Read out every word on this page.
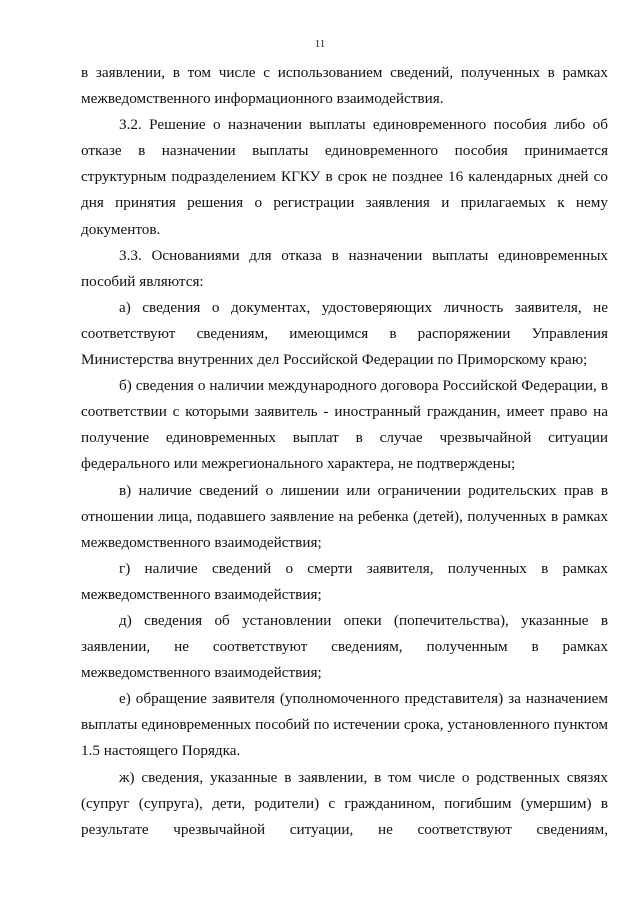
11

в заявлении, в том числе с использованием сведений, полученных в рамках межведомственного информационного взаимодействия.

3.2. Решение о назначении выплаты единовременного пособия либо об отказе в назначении выплаты единовременного пособия принимается структурным подразделением КГКУ в срок не позднее 16 календарных дней со дня принятия решения о регистрации заявления и прилагаемых к нему документов.

3.3. Основаниями для отказа в назначении выплаты единовременных пособий являются:

а) сведения о документах, удостоверяющих личность заявителя, не соответствуют сведениям, имеющимся в распоряжении Управления Министерства внутренних дел Российской Федерации по Приморскому краю;

б) сведения о наличии международного договора Российской Федерации, в соответствии с которыми заявитель - иностранный гражданин, имеет право на получение единовременных выплат в случае чрезвычайной ситуации федерального или межрегионального характера, не подтверждены;

в) наличие сведений о лишении или ограничении родительских прав в отношении лица, подавшего заявление на ребенка (детей), полученных в рамках межведомственного взаимодействия;

г) наличие сведений о смерти заявителя, полученных в рамках межведомственного взаимодействия;

д) сведения об установлении опеки (попечительства), указанные в заявлении, не соответствуют сведениям, полученным в рамках межведомственного взаимодействия;

е) обращение заявителя (уполномоченного представителя) за назначением выплаты единовременных пособий по истечении срока, установленного пунктом 1.5 настоящего Порядка.

ж) сведения, указанные в заявлении, в том числе о родственных связях (супруг (супруга), дети, родители) с гражданином, погибшим (умершим) в результате чрезвычайной ситуации, не соответствуют сведениям,
